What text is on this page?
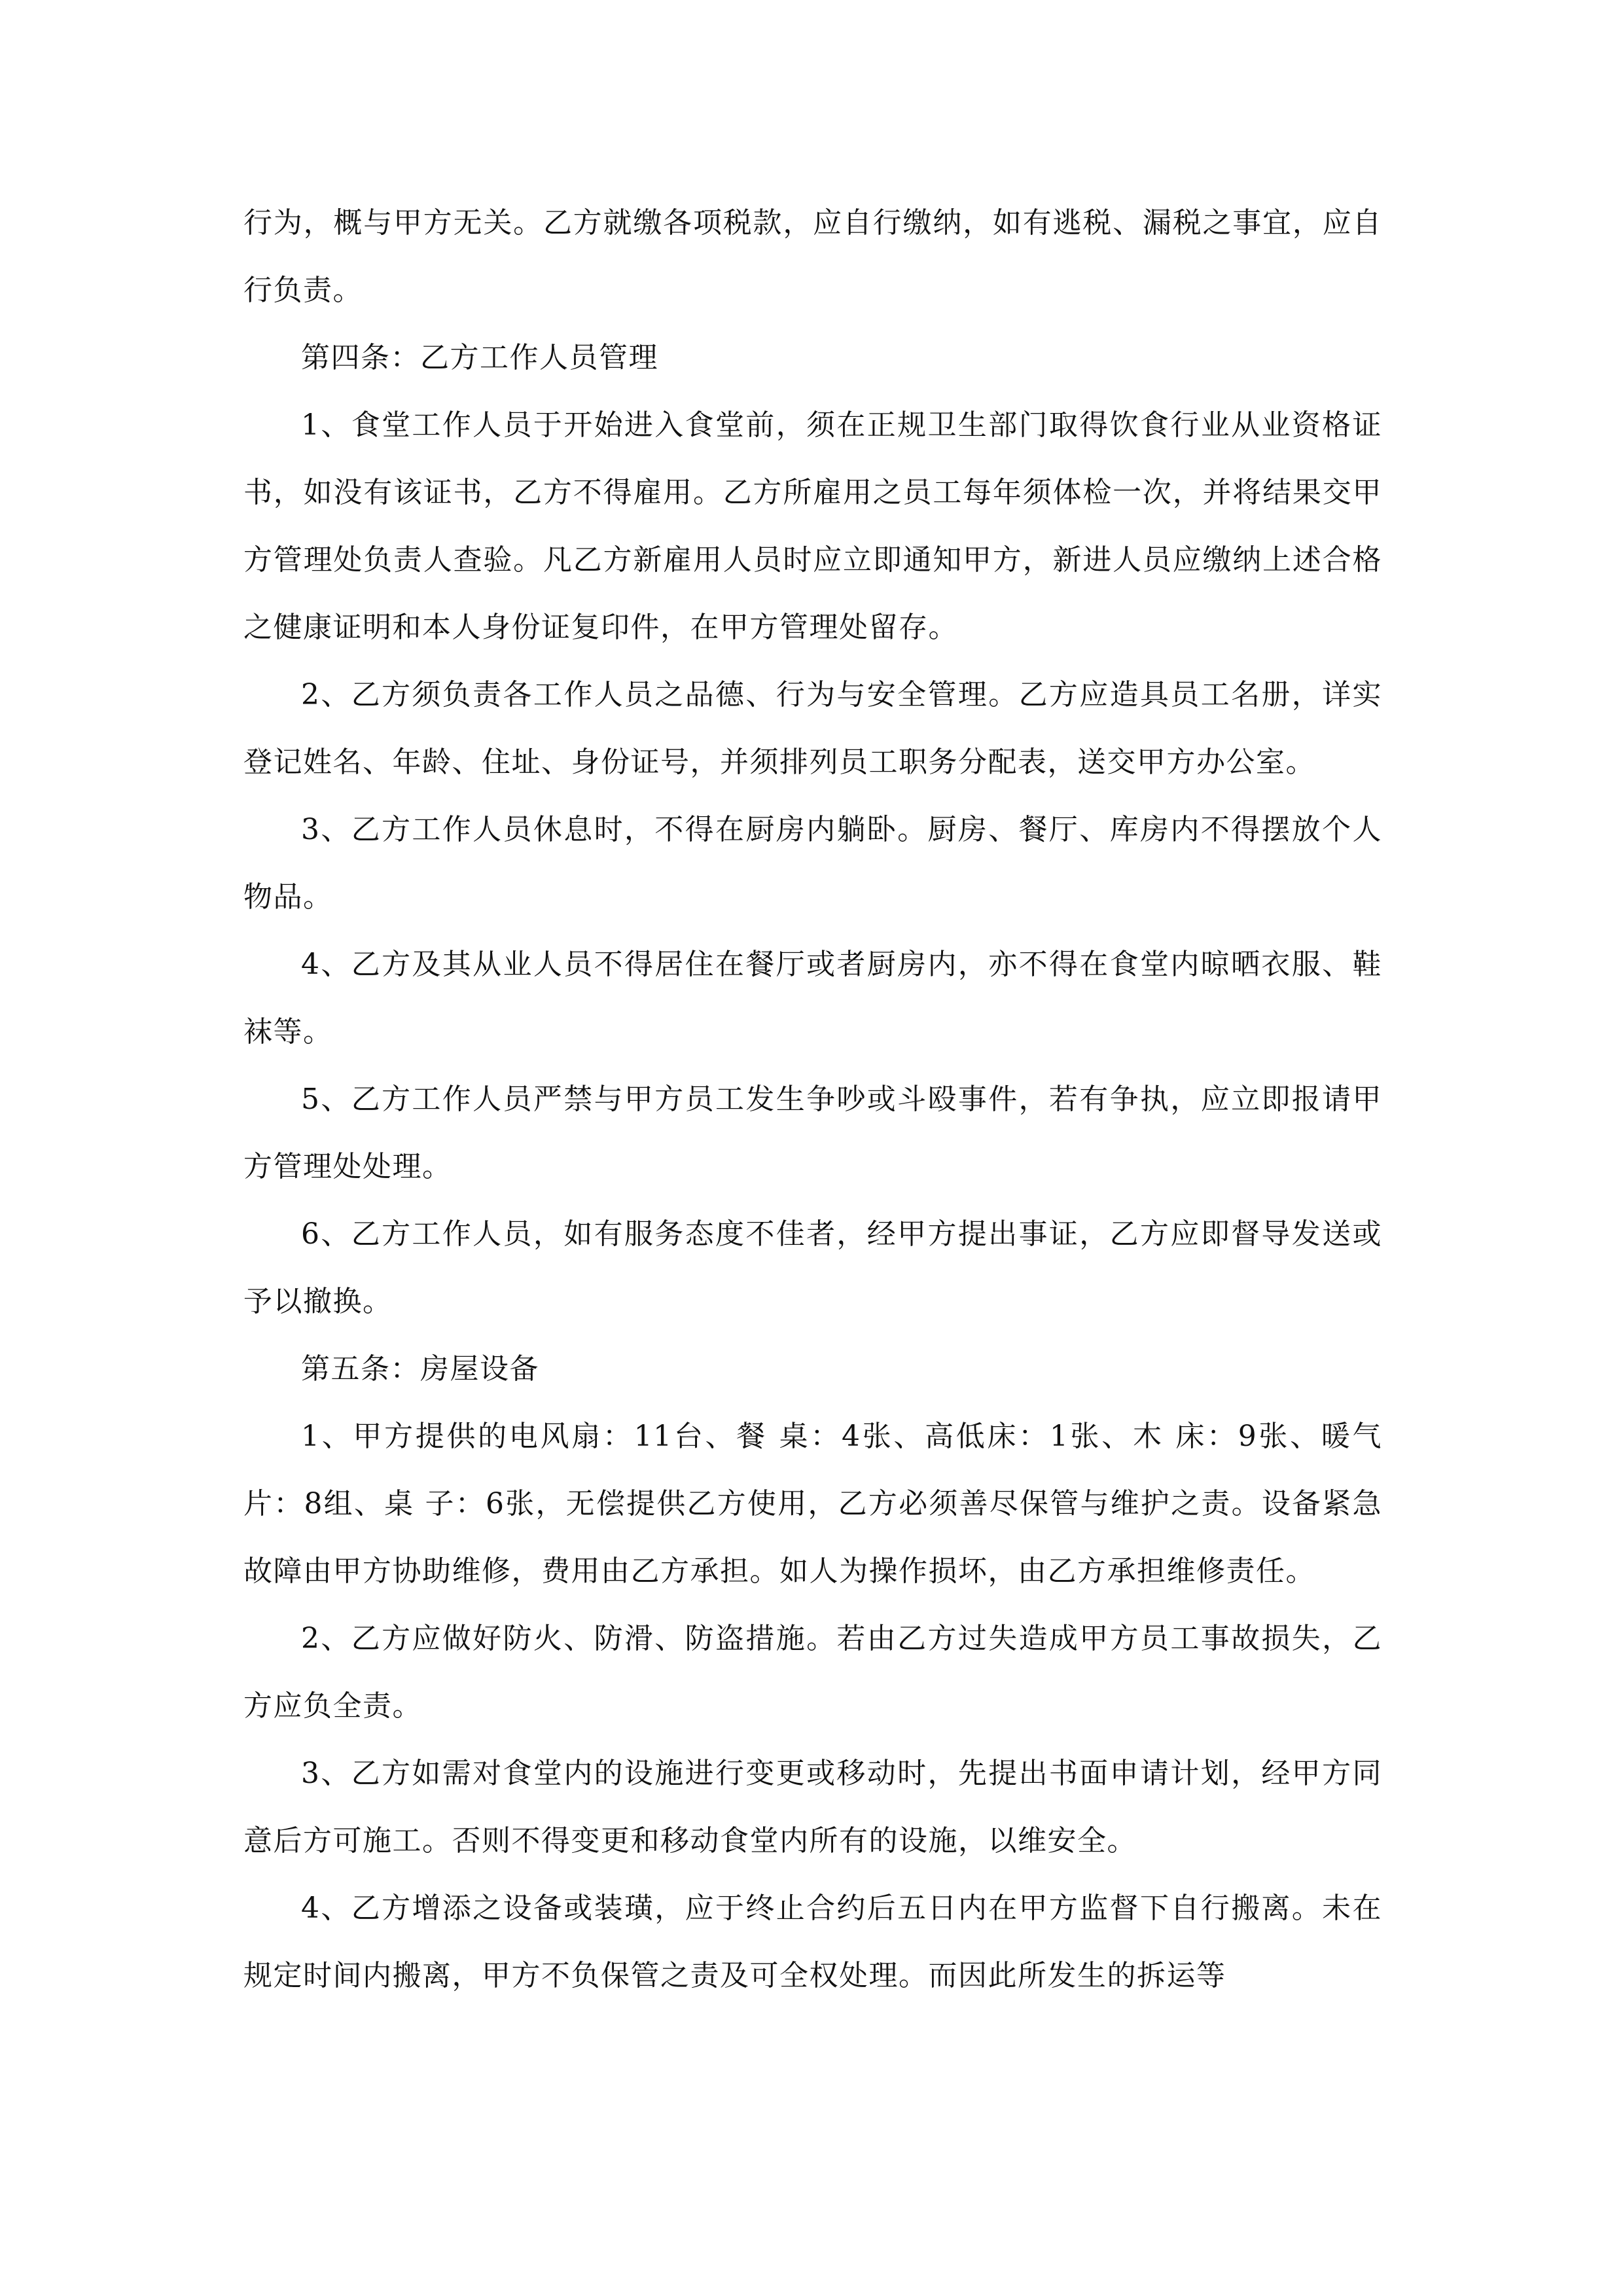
行为，概与甲方无关。乙方就缴各项税款，应自行缴纳，如有逃税、漏税之事宜，应自行负责。

第四条：乙方工作人员管理

1、食堂工作人员于开始进入食堂前，须在正规卫生部门取得饮食行业从业资格证书，如没有该证书，乙方不得雇用。乙方所雇用之员工每年须体检一次，并将结果交甲方管理处负责人查验。凡乙方新雇用人员时应立即通知甲方，新进人员应缴纳上述合格之健康证明和本人身份证复印件，在甲方管理处留存。

2、乙方须负责各工作人员之品德、行为与安全管理。乙方应造具员工名册，详实登记姓名、年龄、住址、身份证号，并须排列员工职务分配表，送交甲方办公室。

3、乙方工作人员休息时，不得在厨房内躺卧。厨房、餐厅、库房内不得摆放个人物品。

4、乙方及其从业人员不得居住在餐厅或者厨房内，亦不得在食堂内晾晒衣服、鞋袜等。

5、乙方工作人员严禁与甲方员工发生争吵或斗殴事件，若有争执，应立即报请甲方管理处处理。

6、乙方工作人员，如有服务态度不佳者，经甲方提出事证，乙方应即督导发送或予以撤换。

第五条：房屋设备

1、甲方提供的电风扇：11台、餐 桌：4张、高低床：1张、木 床：9张、暖气片：8组、桌 子：6张，无偿提供乙方使用，乙方必须善尽保管与维护之责。设备紧急故障由甲方协助维修，费用由乙方承担。如人为操作损坏，由乙方承担维修责任。

2、乙方应做好防火、防滑、防盗措施。若由乙方过失造成甲方员工事故损失，乙方应负全责。

3、乙方如需对食堂内的设施进行变更或移动时，先提出书面申请计划，经甲方同意后方可施工。否则不得变更和移动食堂内所有的设施，以维安全。

4、乙方增添之设备或装璜，应于终止合约后五日内在甲方监督下自行搬离。未在规定时间内搬离，甲方不负保管之责及可全权处理。而因此所发生的拆运等
